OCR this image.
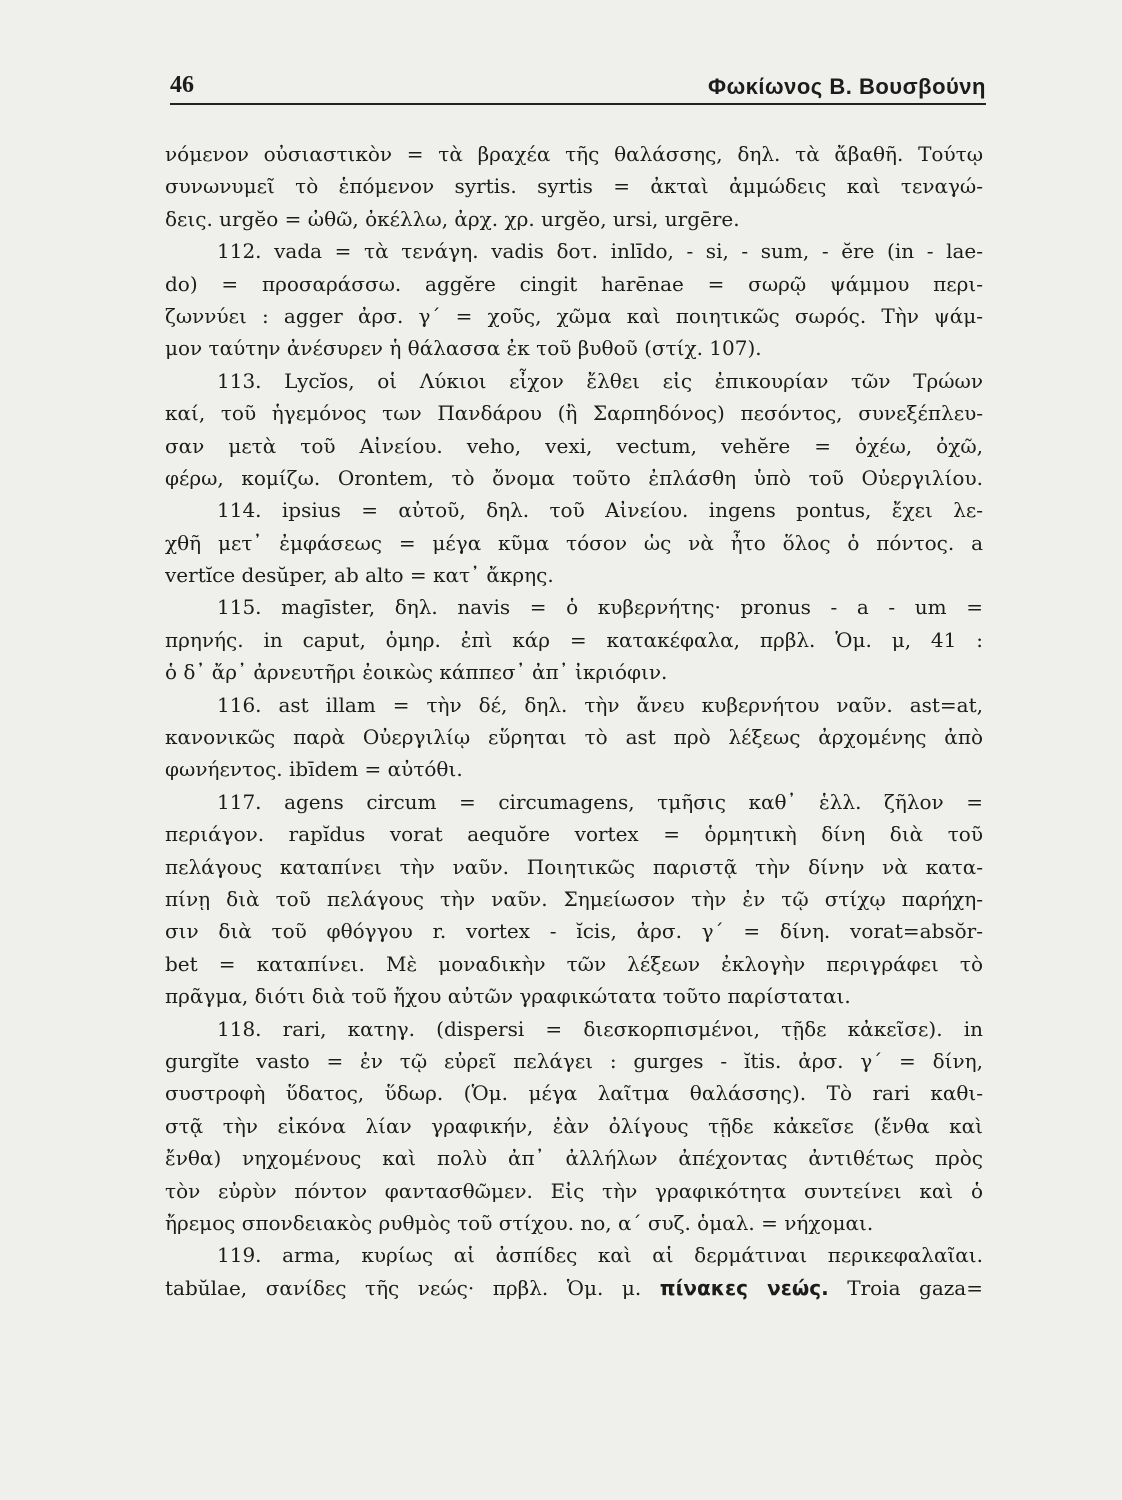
46	Φωκίωνος Β. Βουσβούνη
νόμενον οὐσιαστικὸν = τὰ βραχέα τῆς θαλάσσης, δηλ. τὰ ἄβαθῆ. Τούτῳ
συνωνυμεῖ τὸ ἑπόμενον syrtis. syrtis = ἀκταὶ ἀμμώδεις καὶ τεναγώ-
δεις. urgĕo = ὠθῶ, ὀκέλλω, ἀρχ. χρ. urgĕo, ursi, urgēre.
112. vada = τὰ τενάγη. vadis δοτ. inlīdo, - si, - sum, - ĕre (in - lae-
do) = προσαράσσω. aggĕre cingit harēnae = σωρῷ ψάμμου περι-
ζωννύει : agger ἀρσ. γ΄ = χοῦς, χῶμα καὶ ποιητικῶς σωρός. Τὴν ψάμ-
μον ταύτην ἀνέσυρεν ἡ θάλασσα ἐκ τοῦ βυθοῦ (στίχ. 107).
113. Lycĭos, οἱ Λύκιοι εἶχον ἔλθει εἰς ἐπικουρίαν τῶν Τρώων
καί, τοῦ ἡγεμόνος των Πανδάρου (ἢ Σαρπηδόνος) πεσόντος, συνεξέπλευ-
σαν μετὰ τοῦ Αἰνείου. veho, vexi, vectum, vehĕre = ὀχέω, ὀχῶ,
φέρω, κομίζω. Orontem, τὸ ὄνομα τοῦτο ἐπλάσθη ὑπὸ τοῦ Οὐεργιλίου.
114. ipsius = αὐτοῦ, δηλ. τοῦ Αἰνείου. ingens pontus, ἔχει λε-
χθῆ μετ᾽ ἐμφάσεως = μέγα κῦμα τόσον ὡς νὰ ἦτο ὅλος ὁ πόντος. a
vertĭce desŭper, ab alto = κατ᾽ ἄκρης.
115. magīster, δηλ. navis = ὁ κυβερνήτης· pronus - a - um =
πρηνής. in caput, ὁμηρ. ἐπὶ κάρ = κατακέφαλα, πρβλ. Ὁμ. μ, 41 :
ὁ δ᾽ ἄρ᾽ ἀρνευτῆρι ἐοικὼς κάππεσ᾽ ἀπ᾽ ἰκριόφιν.
116. ast illam = τὴν δέ, δηλ. τὴν ἄνευ κυβερνήτου ναῦν. ast=at,
κανονικῶς παρὰ Οὐεργιλίῳ εὕρηται τὸ ast πρὸ λέξεως ἀρχομένης ἀπὸ
φωνήεντος. ibīdem = αὐτόθι.
117. agens circum = circumagens, τμῆσις καθ᾽ ἑλλ. ζῆλον =
περιάγον. rapĭdus vorat aequŏre vortex = ὁρμητικὴ δίνη διὰ τοῦ
πελάγους καταπίνει τὴν ναῦν. Ποιητικῶς παριστᾷ τὴν δίνην νὰ κατα-
πίνῃ διὰ τοῦ πελάγους τὴν ναῦν. Σημείωσον τὴν ἐν τῷ στίχῳ παρήχη-
σιν διὰ τοῦ φθόγγου r. vortex - ĭcis, ἀρσ. γ΄ = δίνη. vorat=absŏr-
bet = καταπίνει. Μὲ μοναδικὴν τῶν λέξεων ἐκλογὴν περιγράφει τὸ
πρᾶγμα, διότι διὰ τοῦ ἤχου αὐτῶν γραφικώτατα τοῦτο παρίσταται.
118. rari, κατηγ. (dispersi = διεσκορπισμένοι, τῇδε κἀκεῖσε). in
gurgĭte vasto = ἐν τῷ εὐρεῖ πελάγει : gurges - ĭtis. ἀρσ. γ΄ = δίνη,
συστροφὴ ὕδατος, ὕδωρ. (Ὁμ. μέγα λαῖτμα θαλάσσης). Τὸ rari καθι-
στᾷ τὴν εἰκόνα λίαν γραφικήν, ἐὰν ὀλίγους τῇδε κἀκεῖσε (ἔνθα καὶ
ἔνθα) νηχομένους καὶ πολὺ ἀπ᾽ ἀλλήλων ἀπέχοντας ἀντιθέτως πρὸς
τὸν εὐρὺν πόντον φαντασθῶμεν. Εἰς τὴν γραφικότητα συντείνει καὶ ὁ
ἤρεμος σπονδειακὸς ρυθμὸς τοῦ στίχου. no, α΄ συζ. ὁμαλ. = νήχομαι.
119. arma, κυρίως αἱ ἀσπίδες καὶ αἱ δερμάτιναι περικεφαλαῖαι.
tabŭlae, σανίδες τῆς νεώς· πρβλ. Ὁμ. μ. πίνακες νεώς. Troia gaza=
